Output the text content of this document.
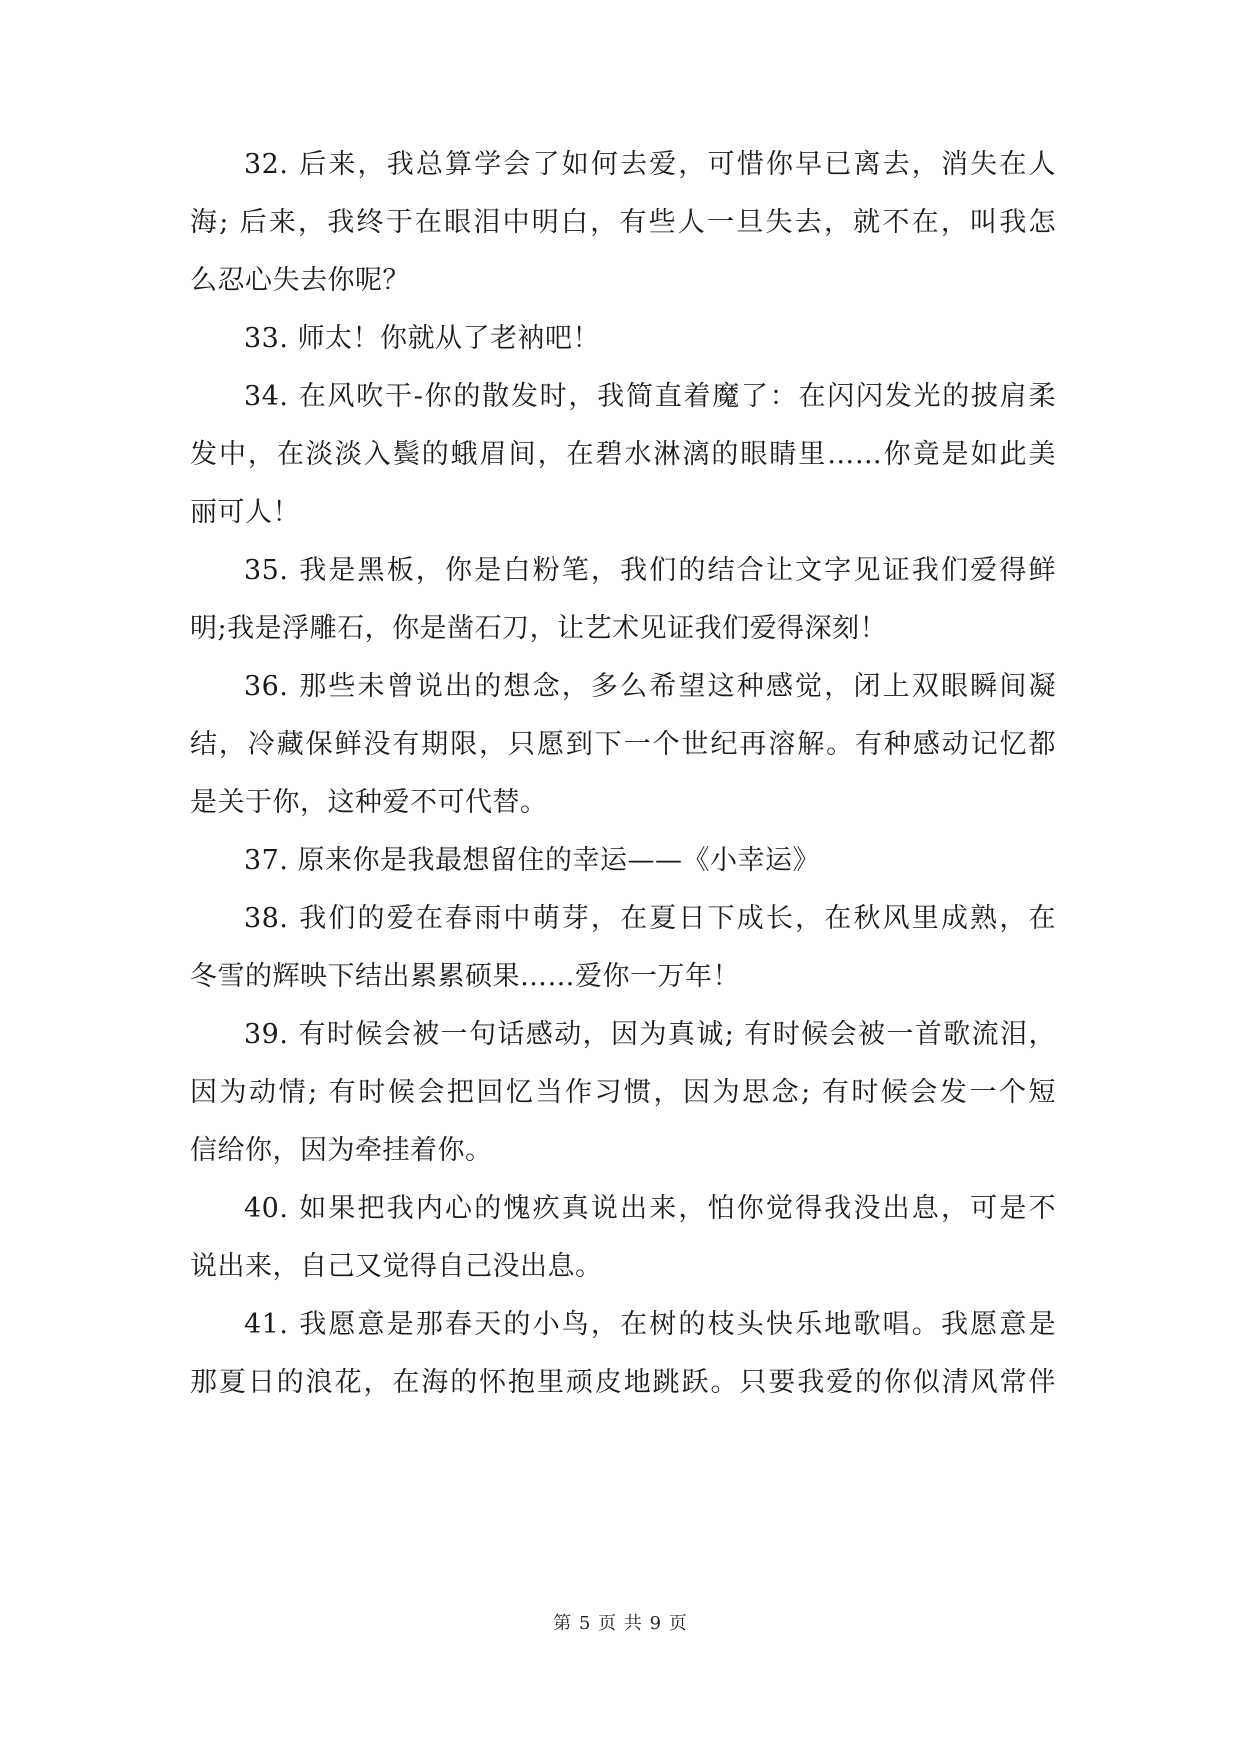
32. 后来，我总算学会了如何去爱，可惜你早已离去，消失在人
海; 后来，我终于在眼泪中明白，有些人一旦失去，就不在，叫我怎
么忍心失去你呢？
33. 师太！你就从了老衲吧！
34. 在风吹干-你的散发时，我简直着魔了：在闪闪发光的披肩柔
发中，在淡淡入鬓的蛾眉间，在碧水淋漓的眼睛里……你竟是如此美
丽可人！
35. 我是黑板，你是白粉笔，我们的结合让文字见证我们爱得鲜
明;我是浮雕石，你是凿石刀，让艺术见证我们爱得深刻！
36. 那些未曾说出的想念，多么希望这种感觉，闭上双眼瞬间凝
结，冷藏保鲜没有期限，只愿到下一个世纪再溶解。有种感动记忆都
是关于你，这种爱不可代替。
37. 原来你是我最想留住的幸运——《小幸运》
38. 我们的爱在春雨中萌芽，在夏日下成长，在秋风里成熟，在
冬雪的辉映下结出累累硕果……爱你一万年！
39. 有时候会被一句话感动，因为真诚; 有时候会被一首歌流泪，
因为动情; 有时候会把回忆当作习惯，因为思念; 有时候会发一个短
信给你，因为牵挂着你。
40. 如果把我内心的愧疚真说出来，怕你觉得我没出息，可是不
说出来，自己又觉得自己没出息。
41. 我愿意是那春天的小鸟，在树的枝头快乐地歌唱。我愿意是
那夏日的浪花，在海的怀抱里顽皮地跳跃。只要我爱的你似清风常伴
第 5 页 共 9 页
